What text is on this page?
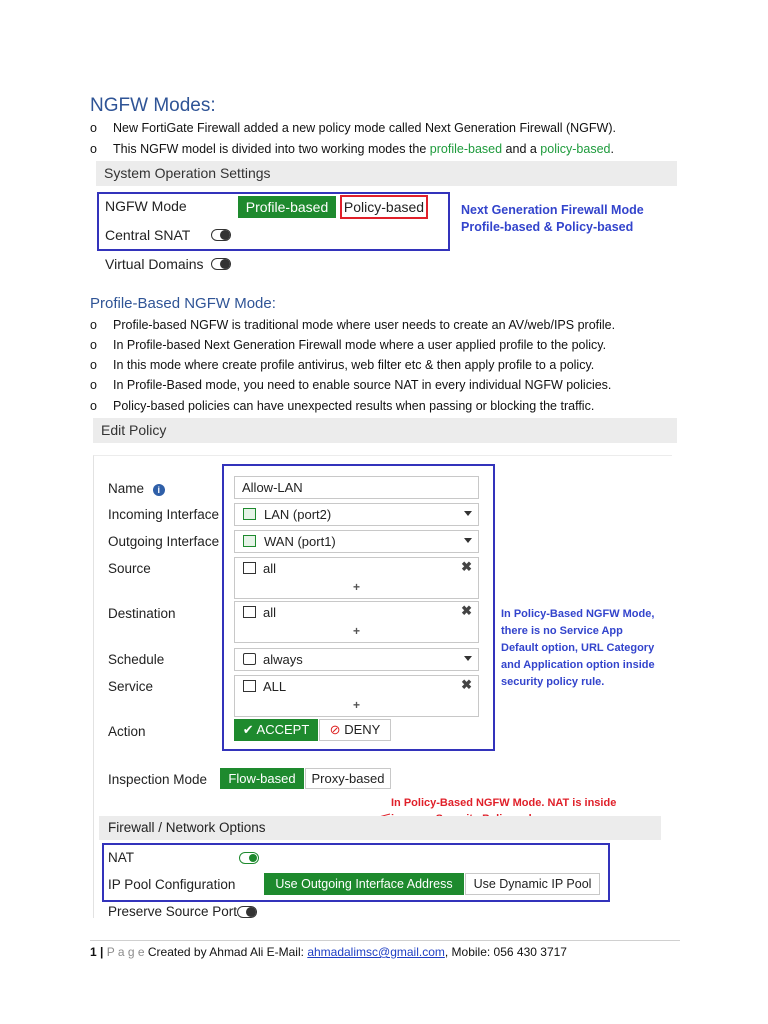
NGFW Modes:
o New FortiGate Firewall added a new policy mode called Next Generation Firewall (NGFW).
o This NGFW model is divided into two working modes the profile-based and a policy-based.
System Operation Settings
NGFW Mode	Profile-based	Policy-based
Central SNAT
Virtual Domains
Next Generation Firewall Mode
Profile-based & Policy-based
Profile-Based NGFW Mode:
o Profile-based NGFW is traditional mode where user needs to create an AV/web/IPS profile.
o In Profile-based Next Generation Firewall mode where a user applied profile to the policy.
o In this mode where create profile antivirus, web filter etc & then apply profile to a policy.
o In Profile-Based mode, you need to enable source NAT in every individual NGFW policies.
o Policy-based policies can have unexpected results when passing or blocking the traffic.
Edit Policy
Name i	Allow-LAN
Incoming Interface	LAN (port2)
Outgoing Interface	WAN (port1)
Source	all	✖
+
Destination	all	✖
+
Schedule	always
Service	ALL	✖
+
Action	✔ ACCEPT	⊘ DENY
In Policy-Based NGFW Mode,
there is no Service App
Default option, URL Category
and Application option inside
security policy rule.
Inspection Mode	Flow-based	Proxy-based
In Policy-Based NGFW Mode. NAT is inside
Firewall / Network Options
NAT
IP Pool Configuration	Use Outgoing Interface Address	Use Dynamic IP Pool
Preserve Source Port
1 | P a g e Created by Ahmad Ali E-Mail: ahmadalimsc@gmail.com, Mobile: 056 430 3717
